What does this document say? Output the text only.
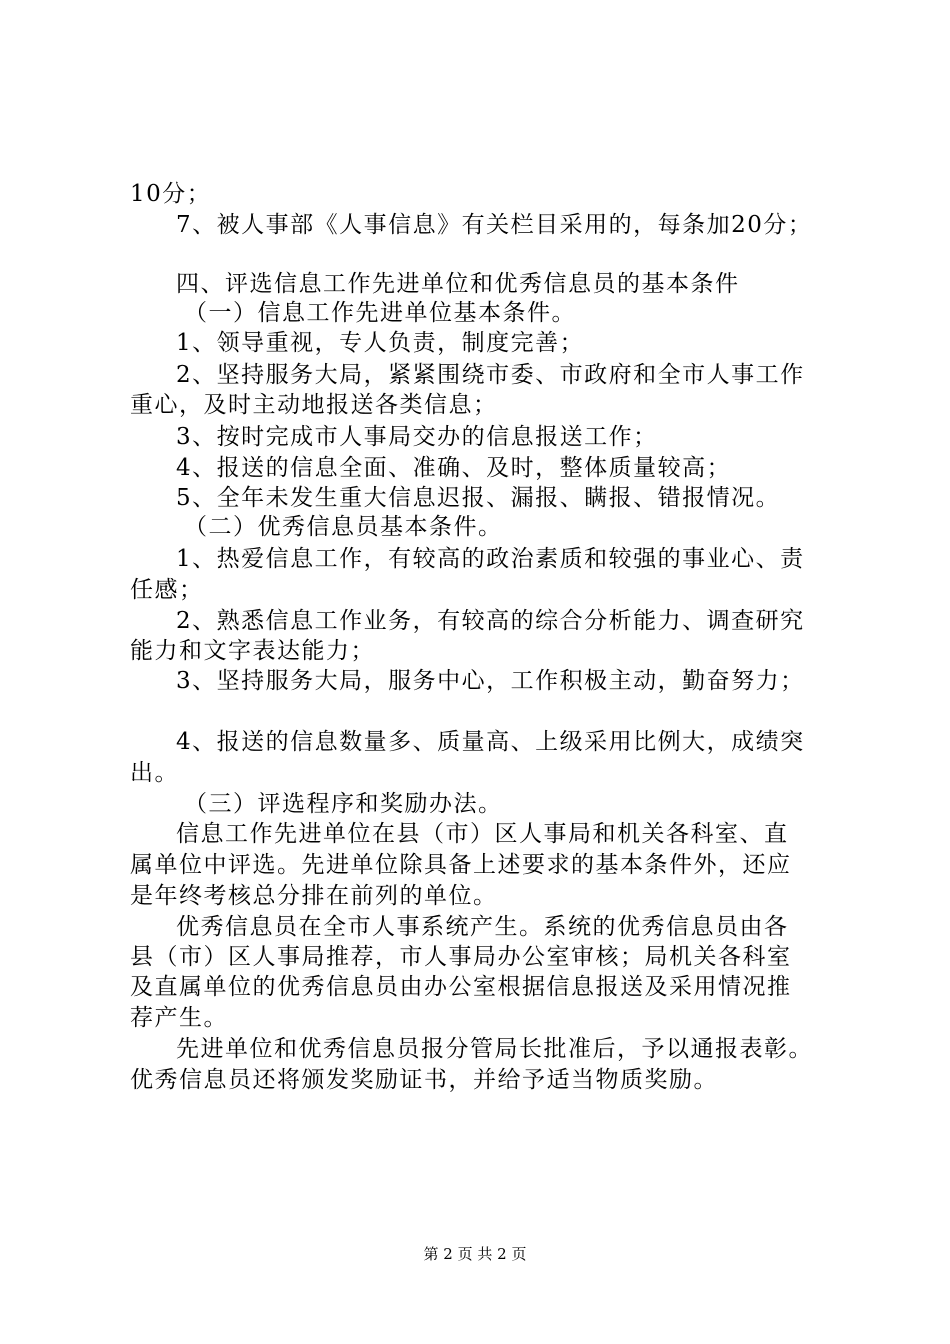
10分；
7、被人事部《人事信息》有关栏目采用的，每条加20分；
四、评选信息工作先进单位和优秀信息员的基本条件
（一）信息工作先进单位基本条件。
1、领导重视，专人负责，制度完善；
2、坚持服务大局，紧紧围绕市委、市政府和全市人事工作
重心，及时主动地报送各类信息；
3、按时完成市人事局交办的信息报送工作；
4、报送的信息全面、准确、及时，整体质量较高；
5、全年未发生重大信息迟报、漏报、瞒报、错报情况。
（二）优秀信息员基本条件。
1、热爱信息工作，有较高的政治素质和较强的事业心、责
任感；
2、熟悉信息工作业务，有较高的综合分析能力、调查研究
能力和文字表达能力；
3、坚持服务大局，服务中心，工作积极主动，勤奋努力；
4、报送的信息数量多、质量高、上级采用比例大，成绩突
出。
（三）评选程序和奖励办法。
信息工作先进单位在县（市）区人事局和机关各科室、直
属单位中评选。先进单位除具备上述要求的基本条件外，还应
是年终考核总分排在前列的单位。
优秀信息员在全市人事系统产生。系统的优秀信息员由各
县（市）区人事局推荐，市人事局办公室审核；局机关各科室
及直属单位的优秀信息员由办公室根据信息报送及采用情况推
荐产生。
先进单位和优秀信息员报分管局长批准后，予以通报表彰。
优秀信息员还将颁发奖励证书，并给予适当物质奖励。
第 2 页 共 2 页
